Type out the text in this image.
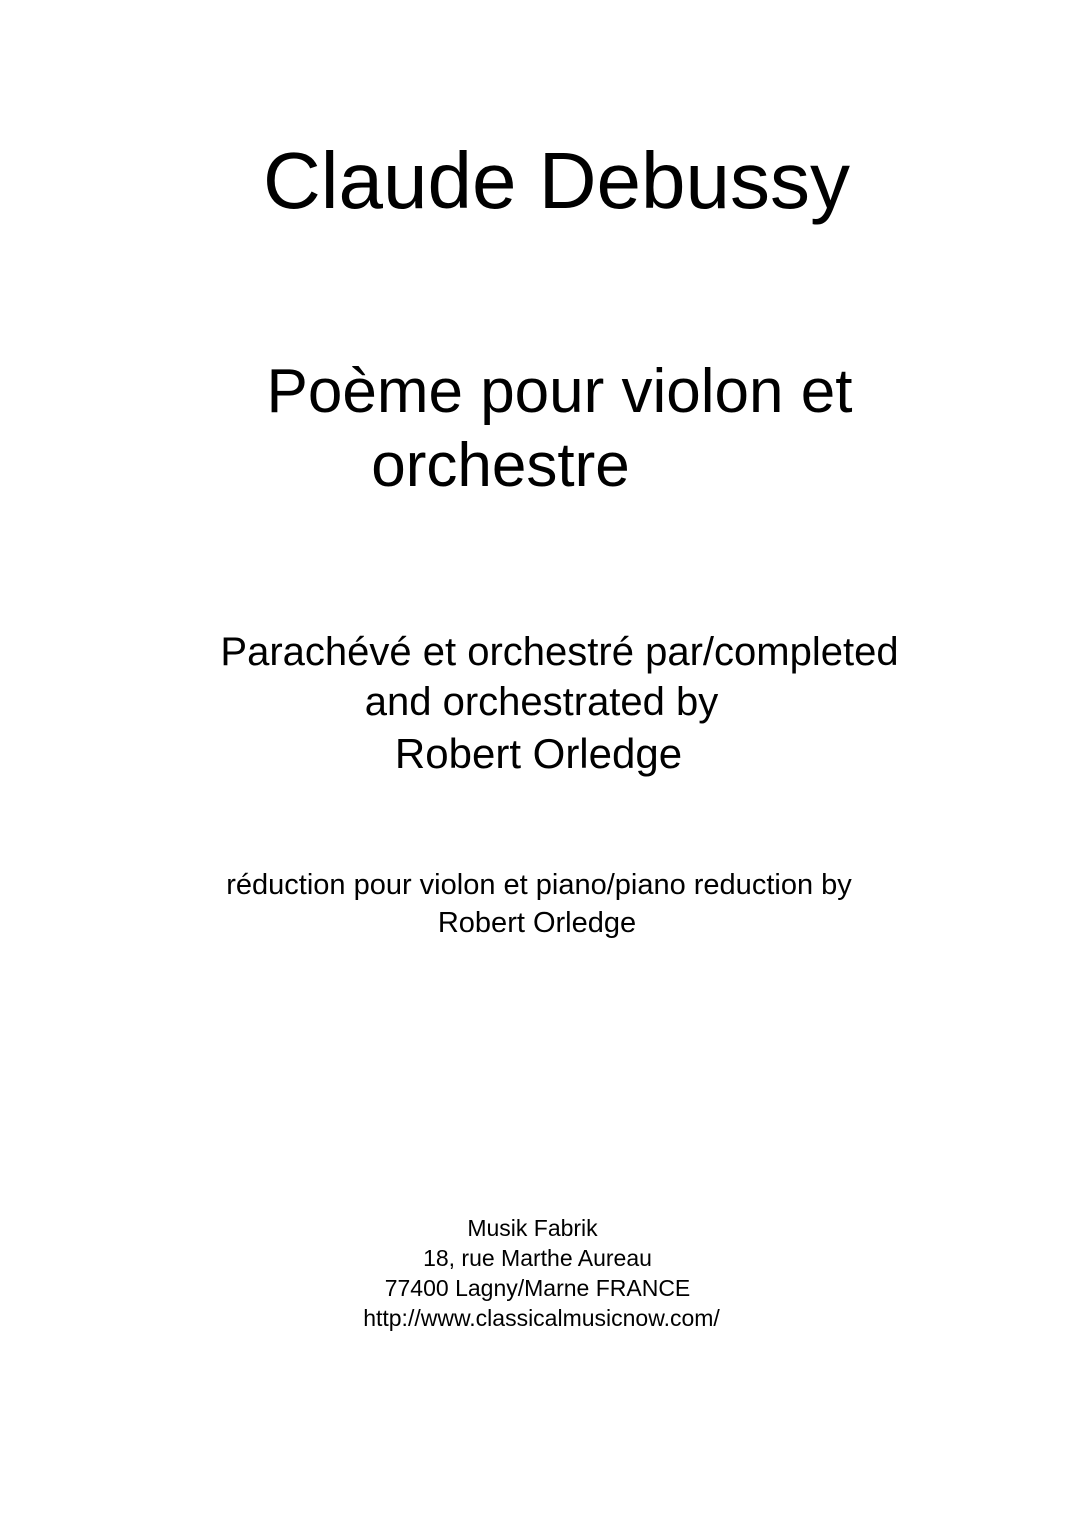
Claude Debussy
Poème pour violon et
orchestre
Parachévé et orchestré par/completed
and orchestrated by
Robert Orledge
réduction pour violon et piano/piano reduction by
Robert Orledge
Musik Fabrik
18, rue Marthe Aureau
77400 Lagny/Marne FRANCE
http://www.classicalmusicnow.com/
